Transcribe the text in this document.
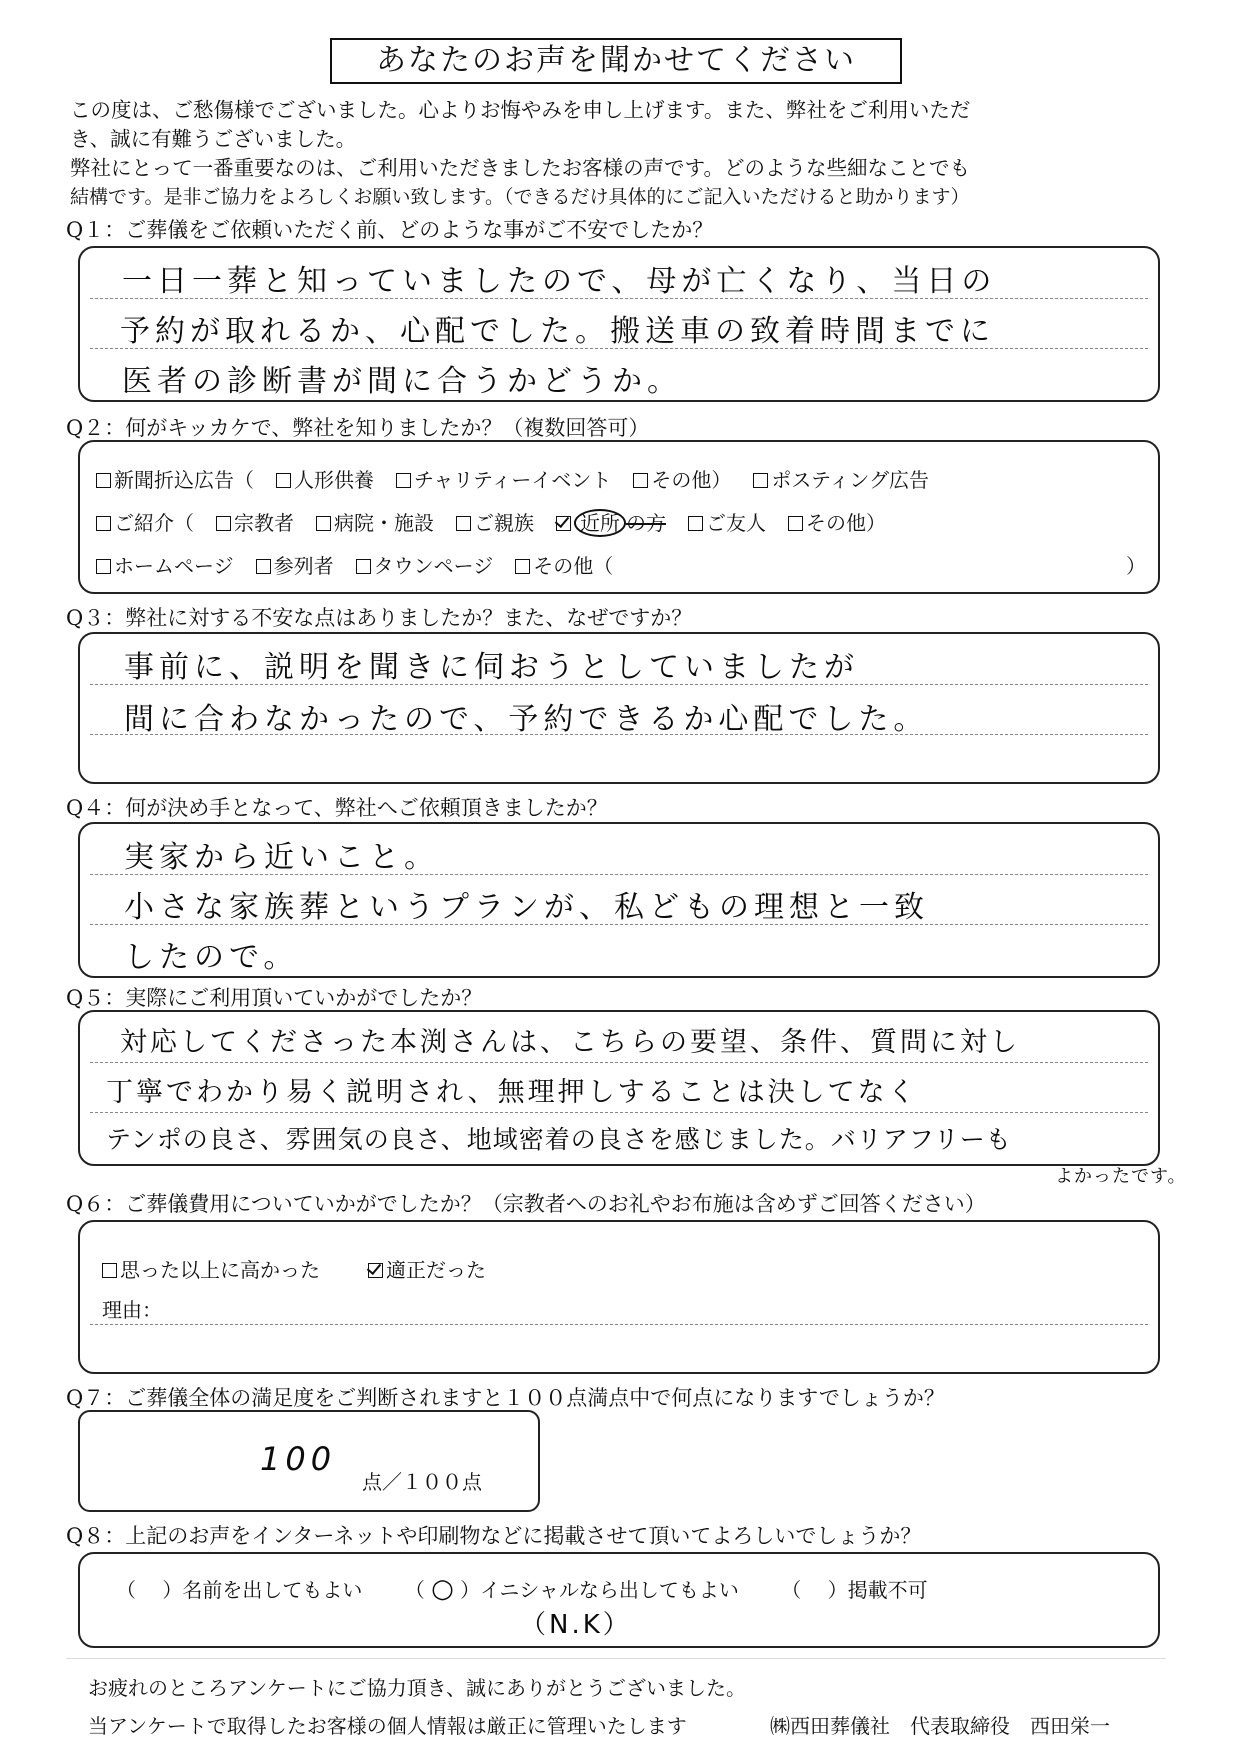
あなたのお声を聞かせてください

この度は、ご愁傷様でございました。心よりお悔やみを申し上げます。また、弊社をご利用いただ

き、誠に有難うございました。

弊社にとって一番重要なのは、ご利用いただきましたお客様の声です。どのような些細なことでも

結構です。是非ご協力をよろしくお願い致します。（できるだけ具体的にご記入いただけると助かります）

Q１：ご葬儀をご依頼いただく前、どのような事がご不安でしたか？
一日一葬と知っていましたので、母が亡くなり、当日の
予約が取れるか、心配でした。搬送車の致着時間までに
医者の診断書が間に合うかどうか。
Q２：何がキッカケで、弊社を知りましたか？（複数回答可）
新聞折込広告（ 人形供養 チャリティーイベント その他） ポスティング広告
ご紹介（ 宗教者 病院・施設 ご親族 近所 の方 ご友人 その他）
ホームページ 参列者 タウンページ その他（	）
Q３：弊社に対する不安な点はありましたか？また、なぜですか？
事前に、説明を聞きに伺おうとしていましたが
間に合わなかったので、予約できるか心配でした。
Q４：何が決め手となって、弊社へご依頼頂きましたか？
実家から近いこと。
小さな家族葬というプランが、私どもの理想と一致
したので。
Q５：実際にご利用頂いていかがでしたか？
対応してくださった本渕さんは、こちらの要望、条件、質問に対し
丁寧でわかり易く説明され、無理押しすることは決してなく
テンポの良さ、雰囲気の良さ、地域密着の良さを感じました。バリアフリーも
よかったです。
Q６：ご葬儀費用についていかがでしたか？（宗教者へのお礼やお布施は含めずご回答ください）
思った以上に高かった	適正だった
理由：
Q７：ご葬儀全体の満足度をご判断されますと１００点満点中で何点になりますでしょうか？
100
点／１００点
Q８：上記のお声をインターネットや印刷物などに掲載させて頂いてよろしいでしょうか？
（　 ）名前を出してもよい （ ○ ）イニシャルなら出してもよい （　 ）掲載不可
（N.K）
お疲れのところアンケートにご協力頂き、誠にありがとうございました。
当アンケートで取得したお客様の個人情報は厳正に管理いたします	㈱西田葬儀社　代表取締役　西田栄一
